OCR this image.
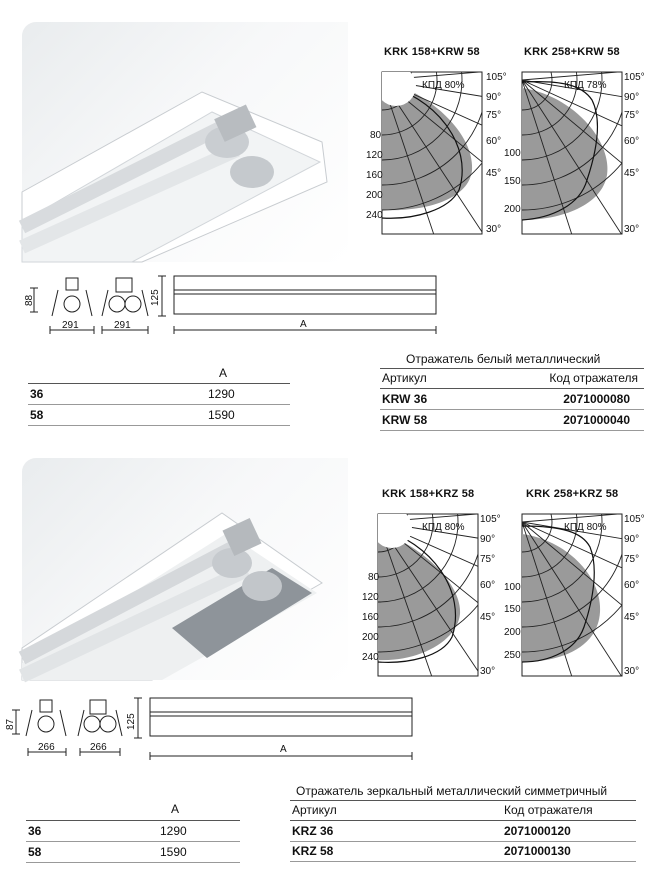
KRK 158+KRW 58
КПД 80%
80
120
160
200
240
105°
90°
75°
60°
45°
30°
KRK 258+KRW 58
КПД 78%
100
150
200
105°
90°
75°
60°
45°
30°
88
291	291
125
A
A
36	1290
58	1590
Отражатель белый металлический
Артикул	Код отражателя
KRW 36	2071000080
KRW 58	2071000040
KRK 158+KRZ 58
КПД 80%
80
120
160
200
240
105°
90°
75°
60°
45°
30°
KRK 258+KRZ 58
КПД 80%
100
150
200
250
105°
90°
75°
60°
45°
30°
87
266	266
125
A
A
36	1290
58	1590
Отражатель зеркальный металлический симметричный
Артикул	Код отражателя
KRZ 36	2071000120
KRZ 58	2071000130
